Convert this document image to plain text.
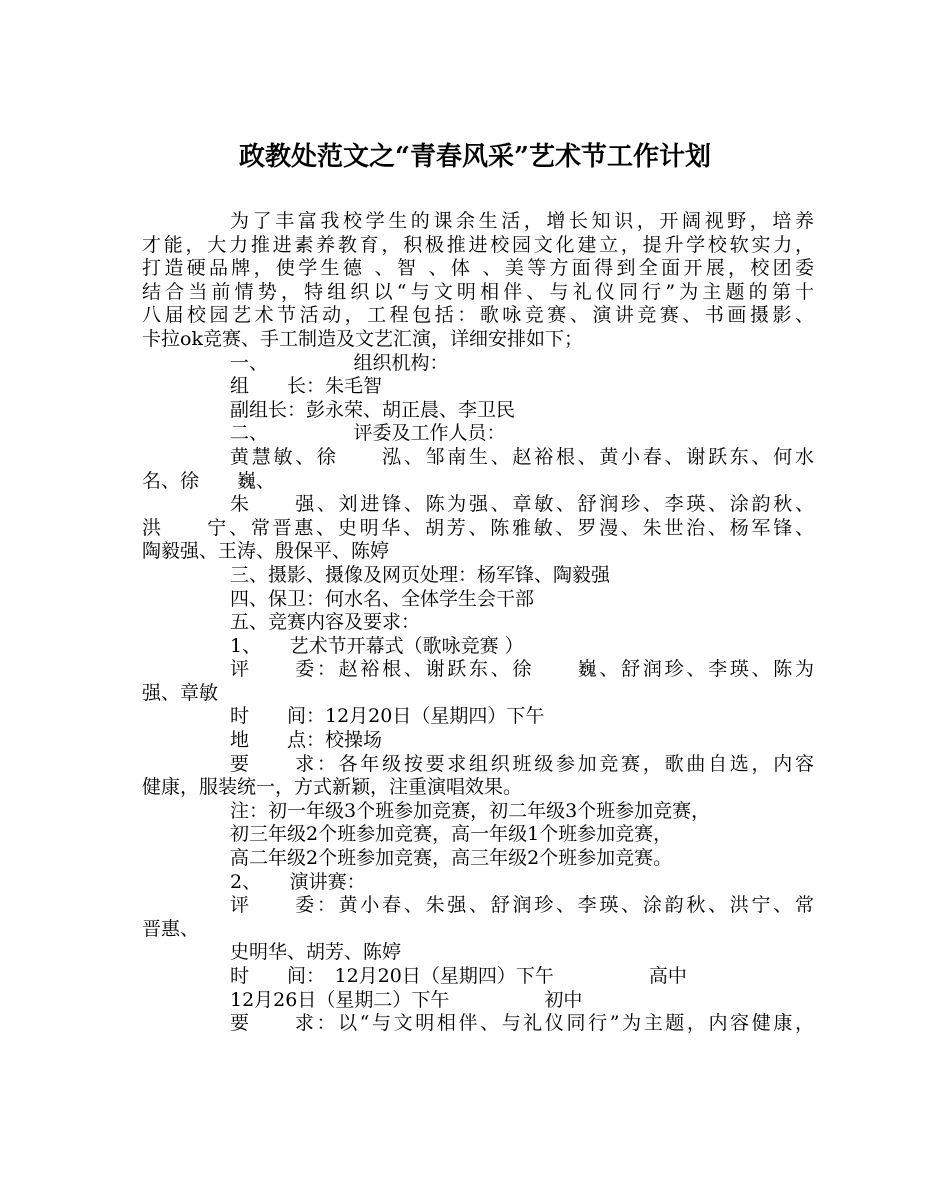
政教处范文之“青春风采”艺术节工作计划
为了丰富我校学生的课余生活，增长知识，开阔视野，培养
才能，大力推进素养教育，积极推进校园文化建立，提升学校软实力，
打造硬品牌，使学生德 、智 、体 、美等方面得到全面开展，校团委
结合当前情势，特组织以“与文明相伴、与礼仪同行”为主题的第十
八届校园艺术节活动，工程包括：歌咏竞赛、演讲竞赛、书画摄影、
卡拉ok竞赛、手工制造及文艺汇演，详细安排如下；
一、　　　　　组织机构：
组　　长：朱毛智
副组长：彭永荣、胡正晨、李卫民
二、　　　　　评委及工作人员：
黄慧敏、徐　　泓、邹南生、赵裕根、黄小春、谢跃东、何水
名、徐　　巍、
朱　　强、刘进锋、陈为强、章敏、舒润珍、李瑛、涂韵秋、
洪　　宁、常晋惠、史明华、胡芳、陈雅敏、罗漫、朱世治、杨军锋、
陶毅强、王涛、殷保平、陈婷
三、摄影、摄像及网页处理：杨军锋、陶毅强
四、保卫：何水名、全体学生会干部
五、竞赛内容及要求：
1、　　艺术节开幕式（歌咏竞赛 ）
评　　委：赵裕根、谢跃东、徐　　巍、舒润珍、李瑛、陈为
强、章敏
时　　间：12月20日（星期四）下午
地　　点：校操场
要　　求：各年级按要求组织班级参加竞赛，歌曲自选，内容
健康，服装统一，方式新颖，注重演唱效果。
注：初一年级3个班参加竞赛，初二年级3个班参加竞赛，
初三年级2个班参加竞赛，高一年级1个班参加竞赛，
高二年级2个班参加竞赛，高三年级2个班参加竞赛。
2、　　演讲赛：
评　　委：黄小春、朱强、舒润珍、李瑛、涂韵秋、洪宁、常
晋惠、
史明华、胡芳、陈婷
时　　间：　12月20日（星期四）下午　　　　　高中
12月26日（星期二）下午　　　　　初中
要　　求：以“与文明相伴、与礼仪同行”为主题，内容健康，
